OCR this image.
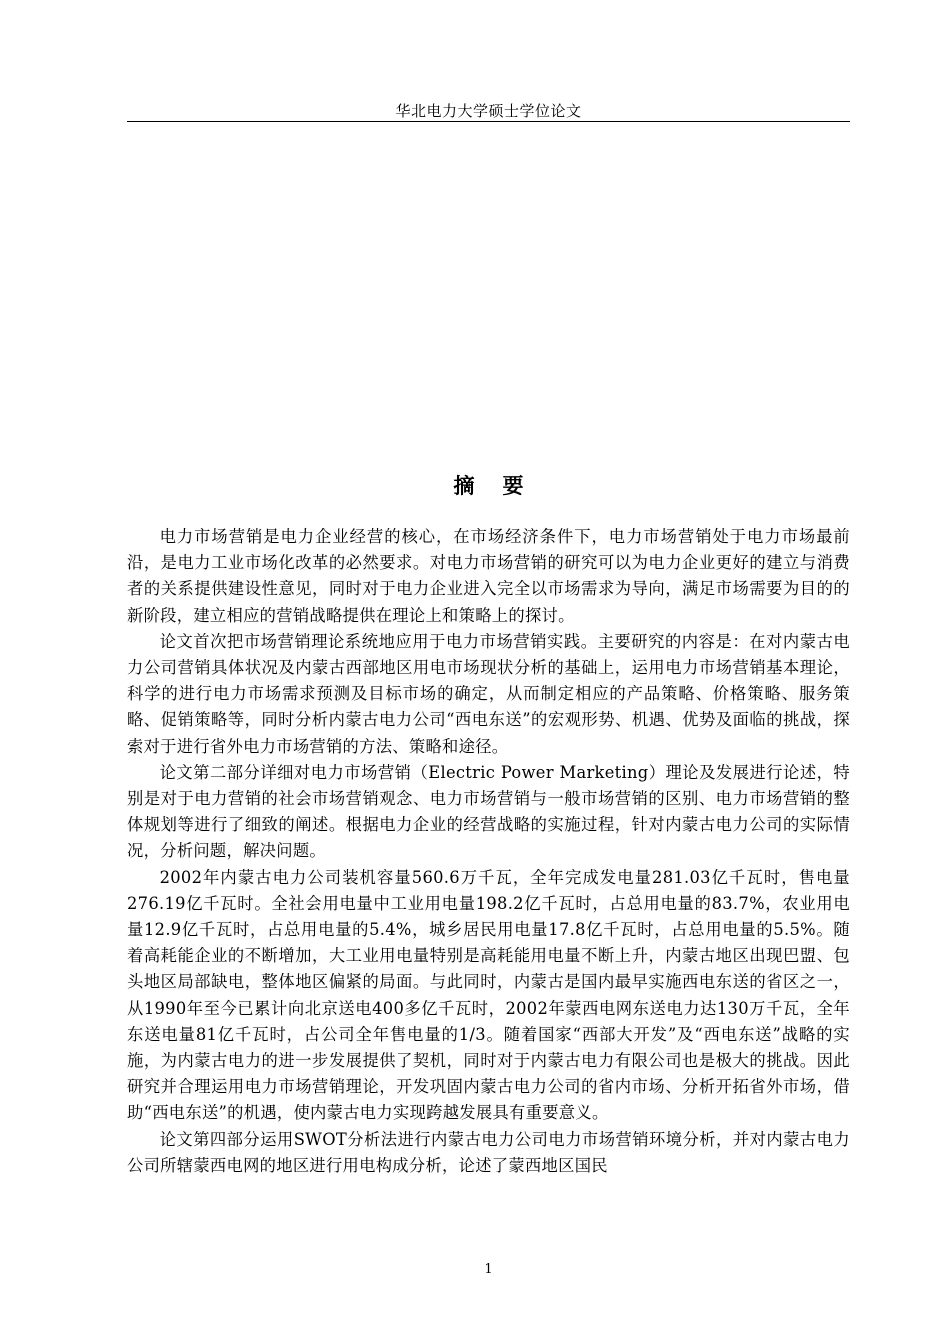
华北电力大学硕士学位论文
摘要

电力市场营销是电力企业经营的核心，在市场经济条件下，电力市场营销处于电力市场最前沿，是电力工业市场化改革的必然要求。对电力市场营销的研究可以为电力企业更好的建立与消费者的关系提供建设性意见，同时对于电力企业进入完全以市场需求为导向，满足市场需要为目的的新阶段，建立相应的营销战略提供在理论上和策略上的探讨。

论文首次把市场营销理论系统地应用于电力市场营销实践。主要研究的内容是：在对内蒙古电力公司营销具体状况及内蒙古西部地区用电市场现状分析的基础上，运用电力市场营销基本理论，科学的进行电力市场需求预测及目标市场的确定，从而制定相应的产品策略、价格策略、服务策略、促销策略等，同时分析内蒙古电力公司“西电东送”的宏观形势、机遇、优势及面临的挑战，探索对于进行省外电力市场营销的方法、策略和途径。

论文第二部分详细对电力市场营销（Electric Power Marketing）理论及发展进行论述，特别是对于电力营销的社会市场营销观念、电力市场营销与一般市场营销的区别、电力市场营销的整体规划等进行了细致的阐述。根据电力企业的经营战略的实施过程，针对内蒙古电力公司的实际情况，分析问题，解决问题。

2002年内蒙古电力公司装机容量560.6万千瓦，全年完成发电量281.03亿千瓦时，售电量276.19亿千瓦时。全社会用电量中工业用电量198.2亿千瓦时，占总用电量的83.7%，农业用电量12.9亿千瓦时，占总用电量的5.4%，城乡居民用电量17.8亿千瓦时，占总用电量的5.5%。随着高耗能企业的不断增加，大工业用电量特别是高耗能用电量不断上升，内蒙古地区出现巴盟、包头地区局部缺电，整体地区偏紧的局面。与此同时，内蒙古是国内最早实施西电东送的省区之一，从1990年至今已累计向北京送电400多亿千瓦时，2002年蒙西电网东送电力达130万千瓦，全年东送电量81亿千瓦时，占公司全年售电量的1/3。随着国家“西部大开发”及“西电东送”战略的实施，为内蒙古电力的进一步发展提供了契机，同时对于内蒙古电力有限公司也是极大的挑战。因此研究并合理运用电力市场营销理论，开发巩固内蒙古电力公司的省内市场、分析开拓省外市场，借助“西电东送”的机遇，使内蒙古电力实现跨越发展具有重要意义。

论文第四部分运用SWOT分析法进行内蒙古电力公司电力市场营销环境分析，并对内蒙古电力公司所辖蒙西电网的地区进行用电构成分析，论述了蒙西地区国民

1
